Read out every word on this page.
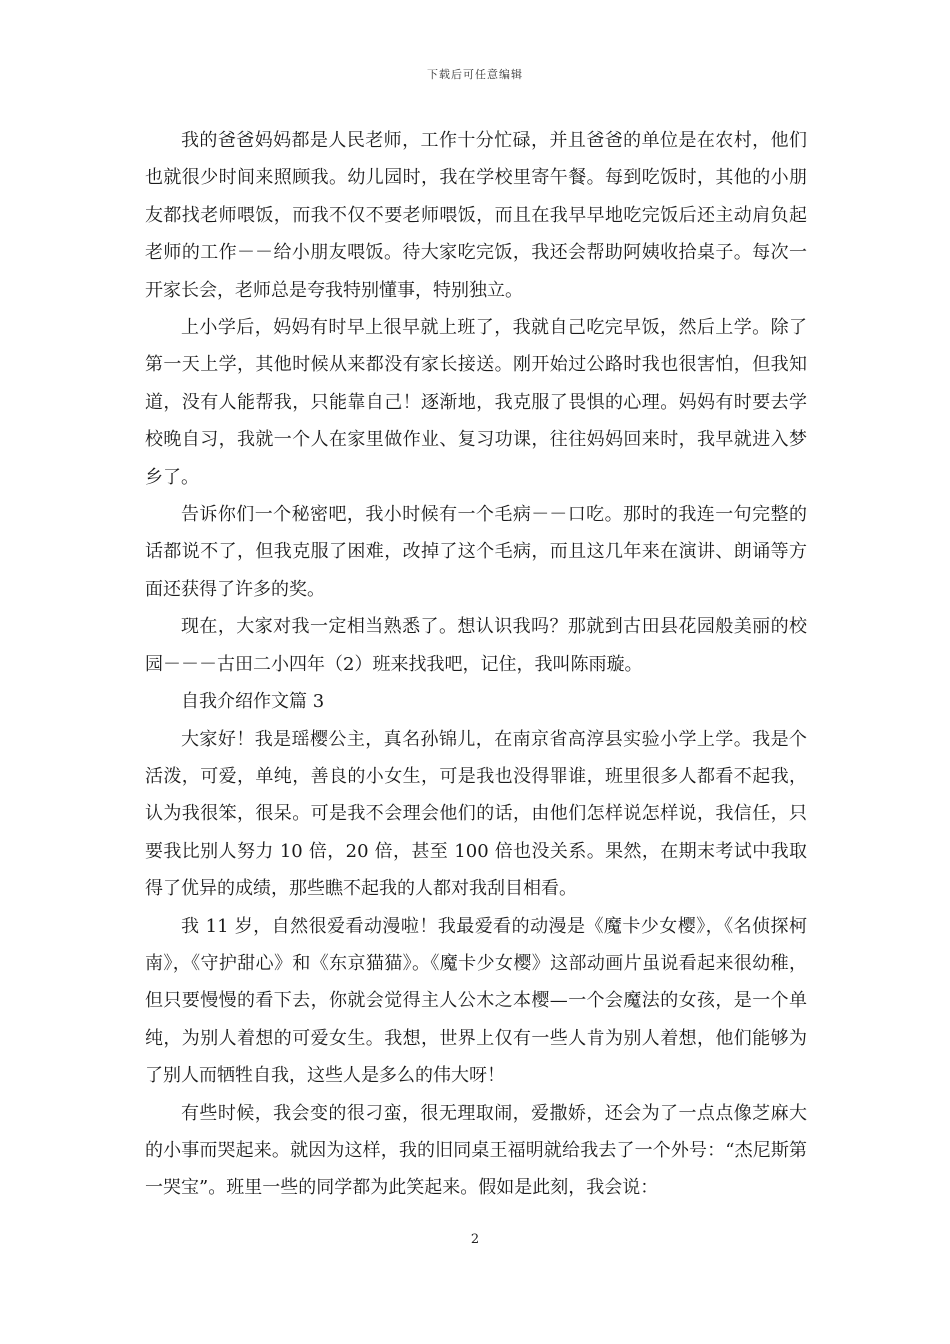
下载后可任意编辑

我的爸爸妈妈都是人民老师，工作十分忙碌，并且爸爸的单位是在农村，他们也就很少时间来照顾我。幼儿园时，我在学校里寄午餐。每到吃饭时，其他的小朋友都找老师喂饭，而我不仅不要老师喂饭，而且在我早早地吃完饭后还主动肩负起老师的工作－－给小朋友喂饭。待大家吃完饭，我还会帮助阿姨收拾桌子。每次一开家长会，老师总是夸我特别懂事，特别独立。

上小学后，妈妈有时早上很早就上班了，我就自己吃完早饭，然后上学。除了第一天上学，其他时候从来都没有家长接送。刚开始过公路时我也很害怕，但我知道，没有人能帮我，只能靠自己！逐渐地，我克服了畏惧的心理。妈妈有时要去学校晚自习，我就一个人在家里做作业、复习功课，往往妈妈回来时，我早就进入梦乡了。

告诉你们一个秘密吧，我小时候有一个毛病－－口吃。那时的我连一句完整的话都说不了，但我克服了困难，改掉了这个毛病，而且这几年来在演讲、朗诵等方面还获得了许多的奖。

现在，大家对我一定相当熟悉了。想认识我吗？那就到古田县花园般美丽的校园－－－古田二小四年（2）班来找我吧，记住，我叫陈雨璇。

自我介绍作文篇 3

大家好！我是瑶樱公主，真名孙锦儿，在南京省高淳县实验小学上学。我是个活泼，可爱，单纯，善良的小女生，可是我也没得罪谁，班里很多人都看不起我，认为我很笨，很呆。可是我不会理会他们的话，由他们怎样说怎样说，我信任，只要我比别人努力 10 倍，20 倍，甚至 100 倍也没关系。果然，在期末考试中我取得了优异的成绩，那些瞧不起我的人都对我刮目相看。

我 11 岁，自然很爱看动漫啦！我最爱看的动漫是《魔卡少女樱》，《名侦探柯南》，《守护甜心》和《东京猫猫》。《魔卡少女樱》这部动画片虽说看起来很幼稚，但只要慢慢的看下去，你就会觉得主人公木之本樱—一个会魔法的女孩，是一个单纯，为别人着想的可爱女生。我想，世界上仅有一些人肯为别人着想，他们能够为了别人而牺牲自我，这些人是多么的伟大呀！

有些时候，我会变的很刁蛮，很无理取闹，爱撒娇，还会为了一点点像芝麻大的小事而哭起来。就因为这样，我的旧同桌王福明就给我去了一个外号：“杰尼斯第一哭宝”。班里一些的同学都为此笑起来。假如是此刻，我会说：

2
